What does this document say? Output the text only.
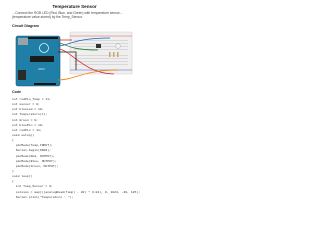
Temperature Sensor
…Connect the RGB LED (Red, Blue, and Green) with temperature sensor…(temperature value stored) by the Temp_Sensor.
Circuit Diagram
UNO
Code
int redPin_Temp = 11;
int sensor = 0;
int blueLed = 10;
int Temperature(t);
int Green = 9;
int bluePin = 10;
int redPin = 11;
void setup()
{
pinMode(Temp,INPUT);
Serial.begin(9600);
pinMode(Red, OUTPUT);
pinMode(Blue, OUTPUT);
pinMode(Green, OUTPUT);
}
void loop()
{
int Temp_Sensor = 0;
celsius = map(((analogRead(Temp) - 20) * 3.04), 0, 1023, -40, 125);
Serial.print("Temperature : ");
